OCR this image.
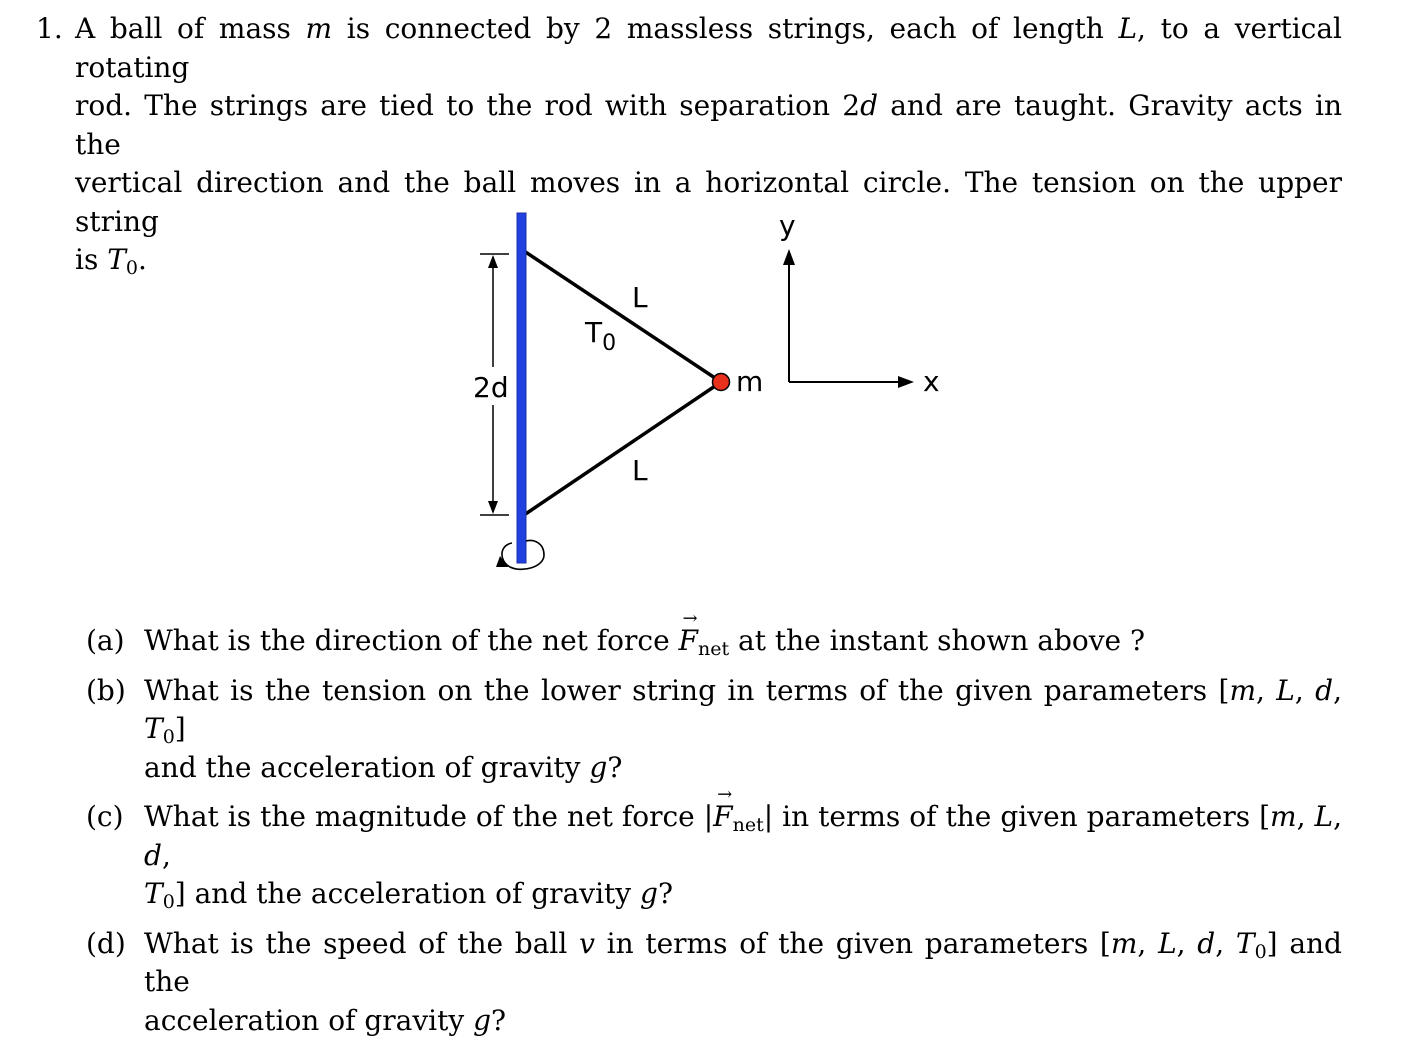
1. A ball of mass m is connected by 2 massless strings, each of length L, to a vertical rotating
rod. The strings are tied to the rod with separation 2d and are taught. Gravity acts in the
vertical direction and the ball moves in a horizontal circle. The tension on the upper string
is $T_0$.
2d
L
$T_0$
m
L
y
x
(a) What is the direction of the net force → $F_{net}$ at the instant shown above ?
(b) What is the tension on the lower string in terms of the given parameters [m, L, d, $T_0$]
and the acceleration of gravity g?
(c) What is the magnitude of the net force |→ $F_{net}|$ in terms of the given parameters [m, L, d,
$T_0$] and the acceleration of gravity g?
(d) What is the speed of the ball v in terms of the given parameters [m, L, d, $T_0$] and the
acceleration of gravity g?
